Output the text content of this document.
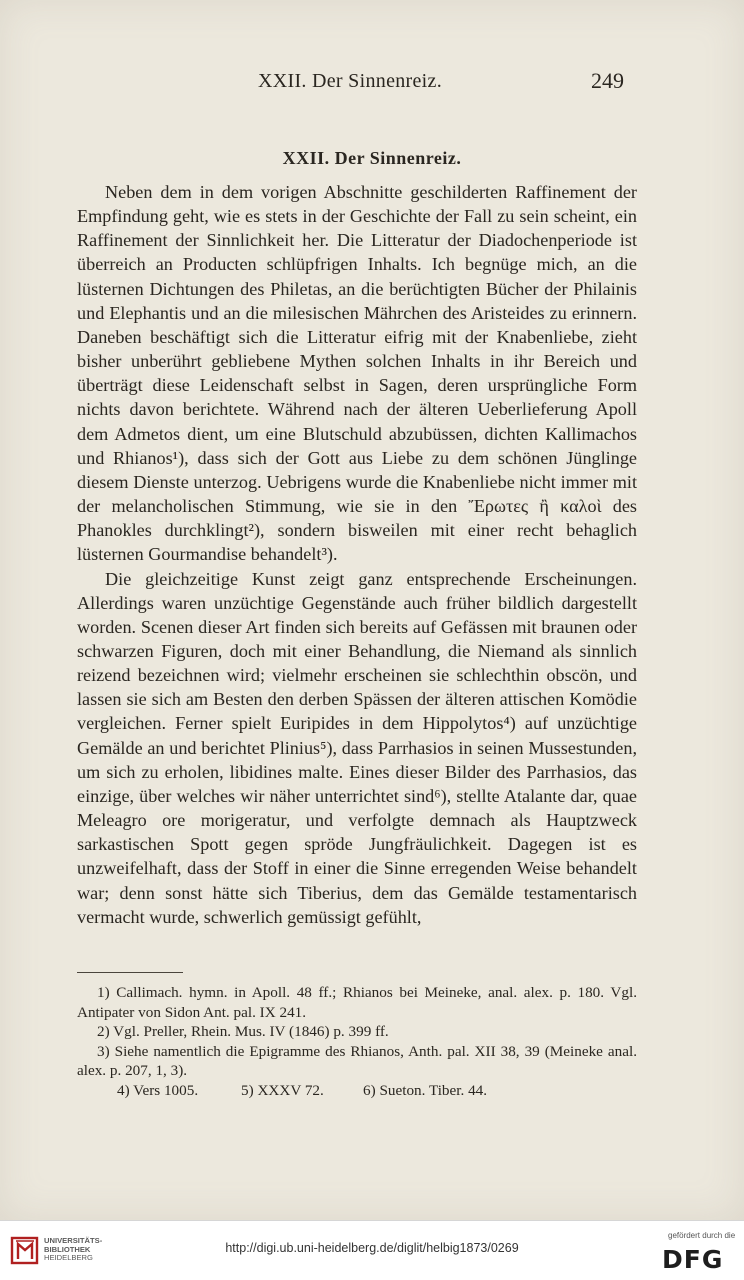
XXII. Der Sinnenreiz.	249
XXII. Der Sinnenreiz.

Neben dem in dem vorigen Abschnitte geschilderten Raffinement der Empfindung geht, wie es stets in der Geschichte der Fall zu sein scheint, ein Raffinement der Sinnlichkeit her. Die Litteratur der Diadochenperiode ist überreich an Producten schlüpfrigen Inhalts. Ich begnüge mich, an die lüsternen Dichtungen des Philetas, an die berüchtigten Bücher der Philainis und Elephantis und an die milesischen Mährchen des Aristeides zu erinnern. Daneben beschäftigt sich die Litteratur eifrig mit der Knabenliebe, zieht bisher unberührt gebliebene Mythen solchen Inhalts in ihr Bereich und überträgt diese Leidenschaft selbst in Sagen, deren ursprüngliche Form nichts davon berichtete. Während nach der älteren Ueberlieferung Apoll dem Admetos dient, um eine Blutschuld abzubüssen, dichten Kallimachos und Rhianos¹), dass sich der Gott aus Liebe zu dem schönen Jünglinge diesem Dienste unterzog. Uebrigens wurde die Knabenliebe nicht immer mit der melancholischen Stimmung, wie sie in den Ἔρωτες ἢ καλοὶ des Phanokles durchklingt²), sondern bisweilen mit einer recht behaglich lüsternen Gourmandise behandelt³).

Die gleichzeitige Kunst zeigt ganz entsprechende Erscheinungen. Allerdings waren unzüchtige Gegenstände auch früher bildlich dargestellt worden. Scenen dieser Art finden sich bereits auf Gefässen mit braunen oder schwarzen Figuren, doch mit einer Behandlung, die Niemand als sinnlich reizend bezeichnen wird; vielmehr erscheinen sie schlechthin obscön, und lassen sie sich am Besten den derben Spässen der älteren attischen Komödie vergleichen. Ferner spielt Euripides in dem Hippolytos⁴) auf unzüchtige Gemälde an und berichtet Plinius⁵), dass Parrhasios in seinen Mussestunden, um sich zu erholen, libidines malte. Eines dieser Bilder des Parrhasios, das einzige, über welches wir näher unterrichtet sind⁶), stellte Atalante dar, quae Meleagro ore morigeratur, und verfolgte demnach als Hauptzweck sarkastischen Spott gegen spröde Jungfräulichkeit. Dagegen ist es unzweifelhaft, dass der Stoff in einer die Sinne erregenden Weise behandelt war; denn sonst hätte sich Tiberius, dem das Gemälde testamentarisch vermacht wurde, schwerlich gemüssigt gefühlt,

1) Callimach. hymn. in Apoll. 48 ff.; Rhianos bei Meineke, anal. alex. p. 180. Vgl. Antipater von Sidon Ant. pal. IX 241.

2) Vgl. Preller, Rhein. Mus. IV (1846) p. 399 ff.

3) Siehe namentlich die Epigramme des Rhianos, Anth. pal. XII 38, 39 (Meineke anal. alex. p. 207, 1, 3).

4) Vers 1005.	5) XXXV 72.	6) Sueton. Tiber. 44.

UNIVERSITÄTS-
BIBLIOTHEK
HEIDELBERG
http://digi.ub.uni-heidelberg.de/diglit/helbig1873/0269
gefördert durch die
DFG
